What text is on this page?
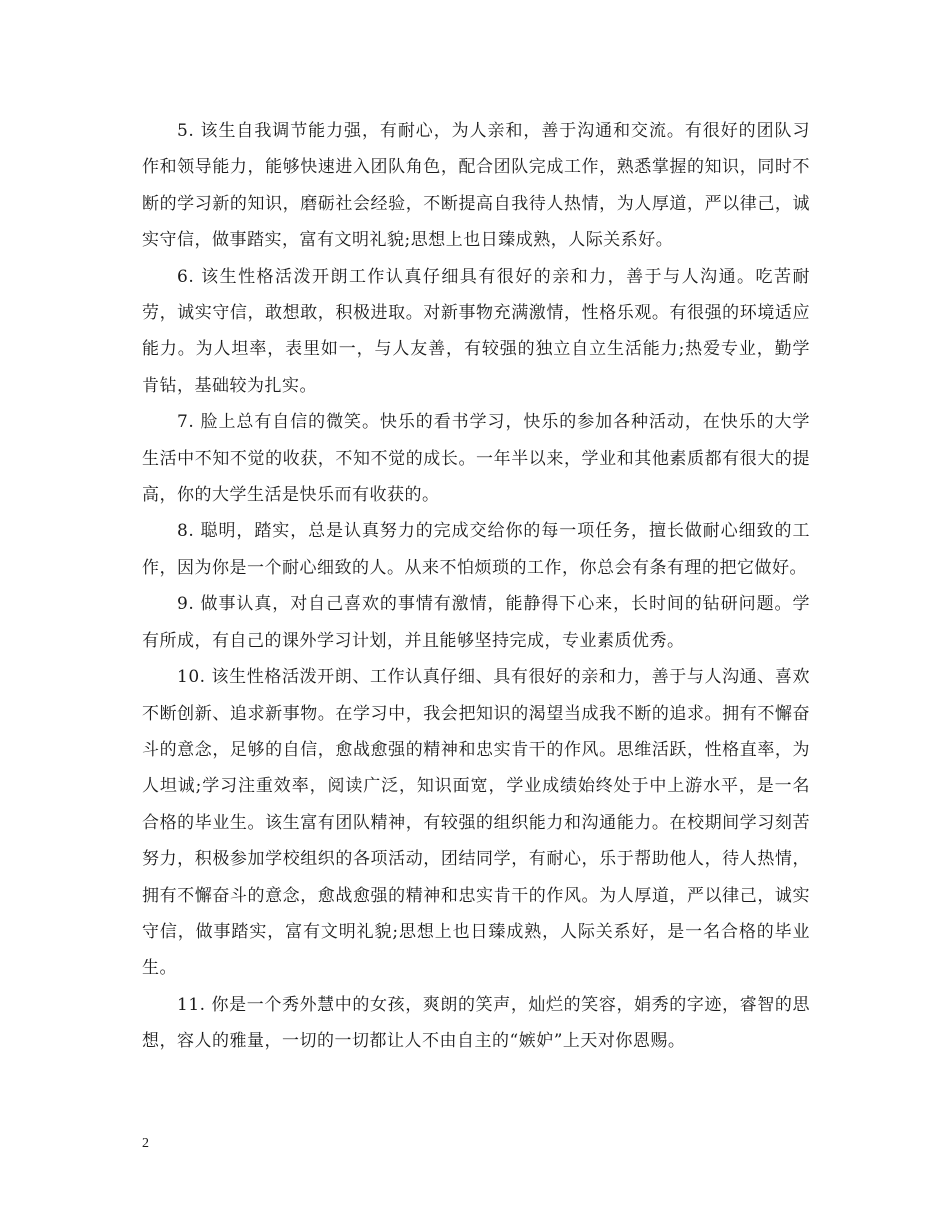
5. 该生自我调节能力强，有耐心，为人亲和，善于沟通和交流。有很好的团队习作和领导能力，能够快速进入团队角色，配合团队完成工作，熟悉掌握的知识，同时不断的学习新的知识，磨砺社会经验，不断提高自我待人热情，为人厚道，严以律己，诚实守信，做事踏实，富有文明礼貌;思想上也日臻成熟，人际关系好。

6. 该生性格活泼开朗工作认真仔细具有很好的亲和力，善于与人沟通。吃苦耐劳，诚实守信，敢想敢，积极进取。对新事物充满激情，性格乐观。有很强的环境适应能力。为人坦率，表里如一，与人友善，有较强的独立自立生活能力;热爱专业，勤学肯钻，基础较为扎实。

7. 脸上总有自信的微笑。快乐的看书学习，快乐的参加各种活动，在快乐的大学生活中不知不觉的收获，不知不觉的成长。一年半以来，学业和其他素质都有很大的提高，你的大学生活是快乐而有收获的。

8. 聪明，踏实，总是认真努力的完成交给你的每一项任务，擅长做耐心细致的工作，因为你是一个耐心细致的人。从来不怕烦琐的工作，你总会有条有理的把它做好。

9. 做事认真，对自己喜欢的事情有激情，能静得下心来，长时间的钻研问题。学有所成，有自己的课外学习计划，并且能够坚持完成，专业素质优秀。

10. 该生性格活泼开朗、工作认真仔细、具有很好的亲和力，善于与人沟通、喜欢不断创新、追求新事物。在学习中，我会把知识的渴望当成我不断的追求。拥有不懈奋斗的意念，足够的自信，愈战愈强的精神和忠实肯干的作风。思维活跃，性格直率，为人坦诚;学习注重效率，阅读广泛，知识面宽，学业成绩始终处于中上游水平，是一名合格的毕业生。该生富有团队精神，有较强的组织能力和沟通能力。在校期间学习刻苦努力，积极参加学校组织的各项活动，团结同学，有耐心，乐于帮助他人，待人热情，拥有不懈奋斗的意念，愈战愈强的精神和忠实肯干的作风。为人厚道，严以律己，诚实守信，做事踏实，富有文明礼貌;思想上也日臻成熟，人际关系好，是一名合格的毕业生。

11. 你是一个秀外慧中的女孩，爽朗的笑声，灿烂的笑容，娟秀的字迹，睿智的思想，容人的雅量，一切的一切都让人不由自主的“嫉妒”上天对你恩赐。

2
